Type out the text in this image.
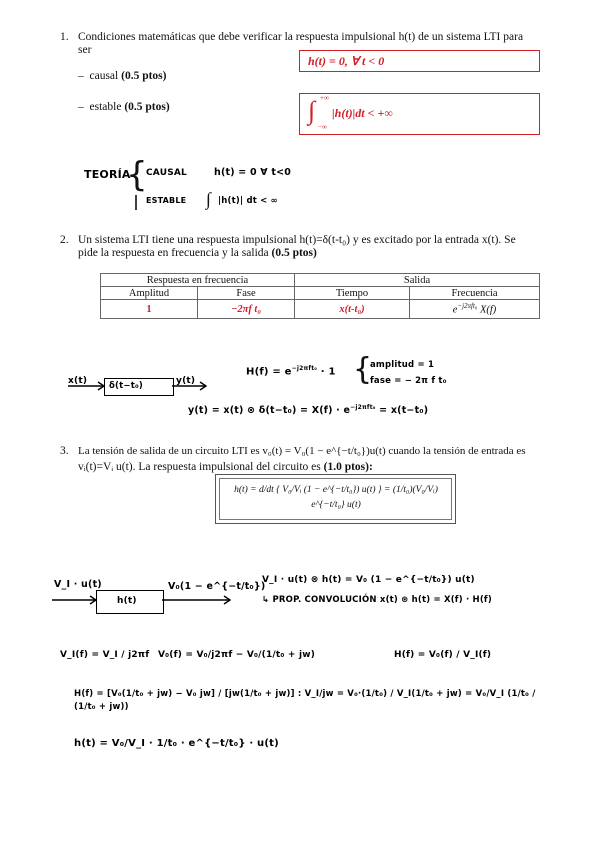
1. Condiciones matemáticas que debe verificar la respuesta impulsional h(t) de un sistema LTI para
ser
– causal (0.5 ptos)
– estable (0.5 ptos)
h(t) = 0, ∀ t < 0
∫ +∞
−∞
|h(t)|dt < +∞
TEORÍA
{
CAUSAL	h(t) = 0 ∀ t<0
ESTABLE ∫ |h(t)| dt < ∞
2. Un sistema LTI tiene una respuesta impulsional h(t)=δ(t-t₀) y es excitado por la entrada x(t). Se
pide la respuesta en frecuencia y la salida (0.5 ptos)
Respuesta en frecuencia		Salida	
Amplitud	Fase	Tiempo	Frecuencia
1	−2πf t₀	x(t-t₀)	$e^{-j2\pi ft_0}$ X(f)
x(t)	δ(t−t₀)	y(t)
$H(f) = e^{-j2\pi ft_0} \cdot 1$ {
amplitud = 1
fase = − 2π f t₀
y(t) = x(t) ⊗ $\delta(t-t_0) = X(f) \cdot e^{-j2\pi ft_0} = x(t-t_0)$
3. La tensión de salida de un circuito LTI es v₀(t) = V₀(1 − e^{−t/t₀})u(t) cuando la tensión de entrada es
vᵢ(t)=Vᵢ u(t). La respuesta impulsional del circuito es (1.0 ptos):
h(t) = d/dt { V₀/Vᵢ (1 − e^{−t/t₀}) u(t) } = (1/t₀)(V₀/Vᵢ) e^{−t/t₀} u(t)
V_I · u(t)
h(t)
V₀(1 − e^{−t/t₀})
V_I · u(t) ⊗ h(t) = V₀ (1 − e^{−t/t₀}) u(t)
↳ PROP. CONVOLUCIÓN x(t) ⊛ h(t) = X(f) · H(f)
V_I(f) = V_I / j2πf V₀(f) = V₀/j2πf − V₀/(1/t₀ + jw)	H(f) = V₀(f) / V_I(f)
H(f) = [V₀(1/t₀ + jw) − V₀ jw] / [jw(1/t₀ + jw)] : V_I/jw = V₀·(1/t₀) / V_I(1/t₀ + jw) = V₀/V_I (1/t₀ / (1/t₀ + jw))
h(t) = V₀/V_I · 1/t₀ · e^{−t/t₀} · u(t)
